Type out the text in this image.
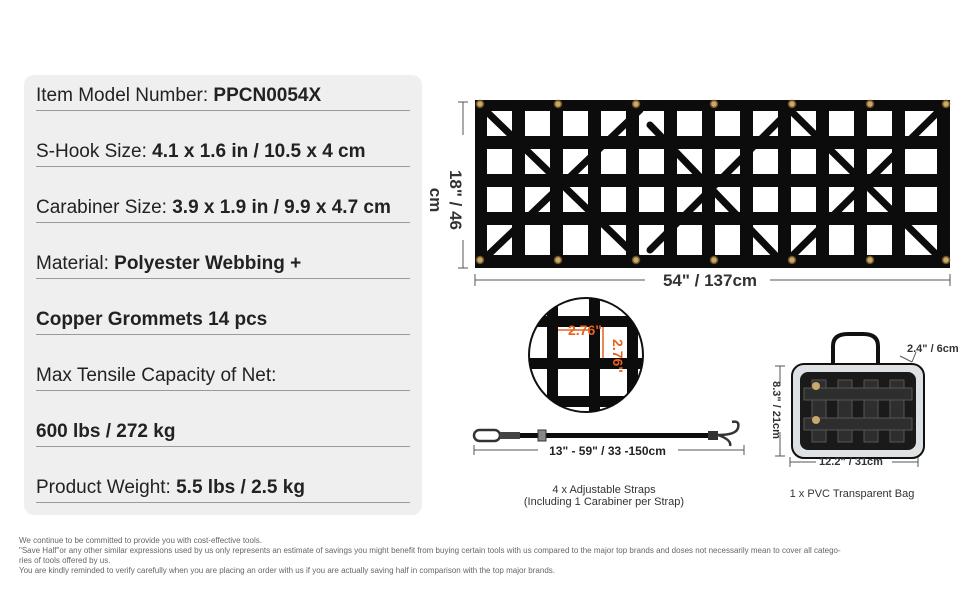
Item Model Number: PPCN0054X
S-Hook Size: 4.1 x 1.6 in / 10.5 x 4 cm
Carabiner Size: 3.9 x 1.9 in / 9.9 x 4.7 cm
Material: Polyester Webbing +
Copper Grommets 14 pcs
Max Tensile Capacity of Net:
600 lbs / 272 kg
Product Weight: 5.5 lbs / 2.5 kg
18" / 46 cm
54" / 137cm
2.76"
2.76"
13" - 59" / 33 -150cm
4 x Adjustable Straps
(Including 1 Carabiner per Strap)
2.4" / 6cm
8.3" / 21cm
12.2" / 31cm
1 x PVC Transparent Bag
We continue to be committed to provide you with cost-effective tools.
"Save Half"or any other similar expressions used by us only represents an estimate of savings you might benefit from buying certain tools with us compared to the major top brands and doses not necessarily mean to cover all catego-
ries of tools offered by us.
You are kindly reminded to verify carefully when you are placing an order with us if you are actually saving half in comparison with the top major brands.
